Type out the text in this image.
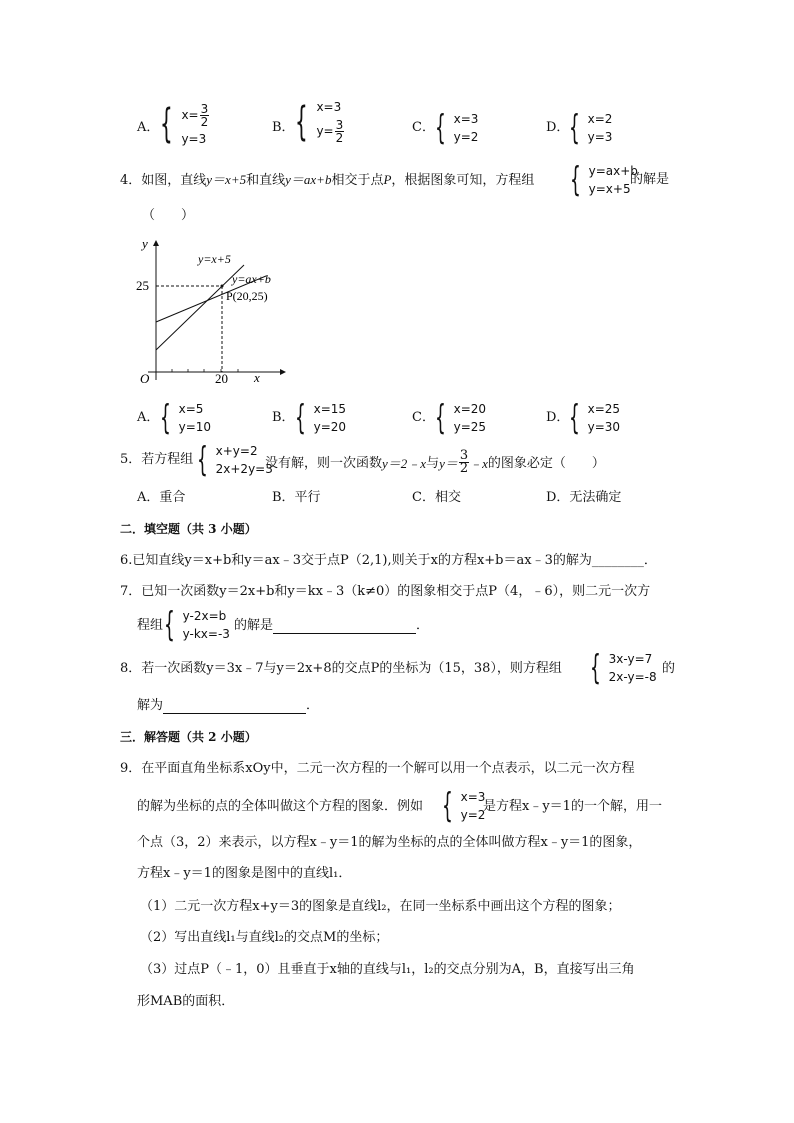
A． { $x= \frac{3}{2}$
y=3
B． { x=3
$y= \frac{3}{2}$	C． { x=3
y=2
D． { x=2
y=3
4．如图，直线y＝x+5和直线y＝ax+b相交于点P，根据图象可知，方程组 { y=ax+b
y=x+5
的解是
（　　）
y
x
O
25
20
y=x+5
y=ax+b
P(20,25)
A． { x=5
y=10
B． { x=15
y=20
C． { x=20
y=25
D． { x=25
y=30
5．若方程组 { x+y=2
2x+2y=3
没有解，则一次函数 y＝2﹣x 与 $y= \frac{3}{2}$ ﹣x 的图象必定（　　）
A．重合	B．平行	C．相交	D．无法确定
二．填空题（共 3 小题）
6.已知直线y＝x+b和y＝ax﹣3交于点P（2,1),则关于x的方程x+b＝ax﹣3的解为________．
7．已知一次函数y＝2x+b和y＝kx﹣3（k≠0）的图象相交于点P（4，﹣6），则二元一次方
程组 { y-2x=b
y-kx=-3
的解是	．
8．若一次函数y＝3x﹣7与y＝2x+8的交点P的坐标为（15，38），则方程组 { 3x-y=7
2x-y=-8
的
解为	．
三．解答题（共 2 小题）
9．在平面直角坐标系xOy中，二元一次方程的一个解可以用一个点表示，以二元一次方程
的解为坐标的点的全体叫做这个方程的图象．例如 { x=3
y=2
是方程x﹣y＝1的一个解，用一
个点（3，2）来表示，以方程x﹣y＝1的解为坐标的点的全体叫做方程x﹣y＝1的图象，
方程x﹣y＝1的图象是图中的直线l₁．
（1）二元一次方程x+y＝3的图象是直线l₂，在同一坐标系中画出这个方程的图象；
（2）写出直线l₁与直线l₂的交点M的坐标；
（3）过点P（﹣1，0）且垂直于x轴的直线与l₁，l₂的交点分别为A，B，直接写出三角
形MAB的面积．
